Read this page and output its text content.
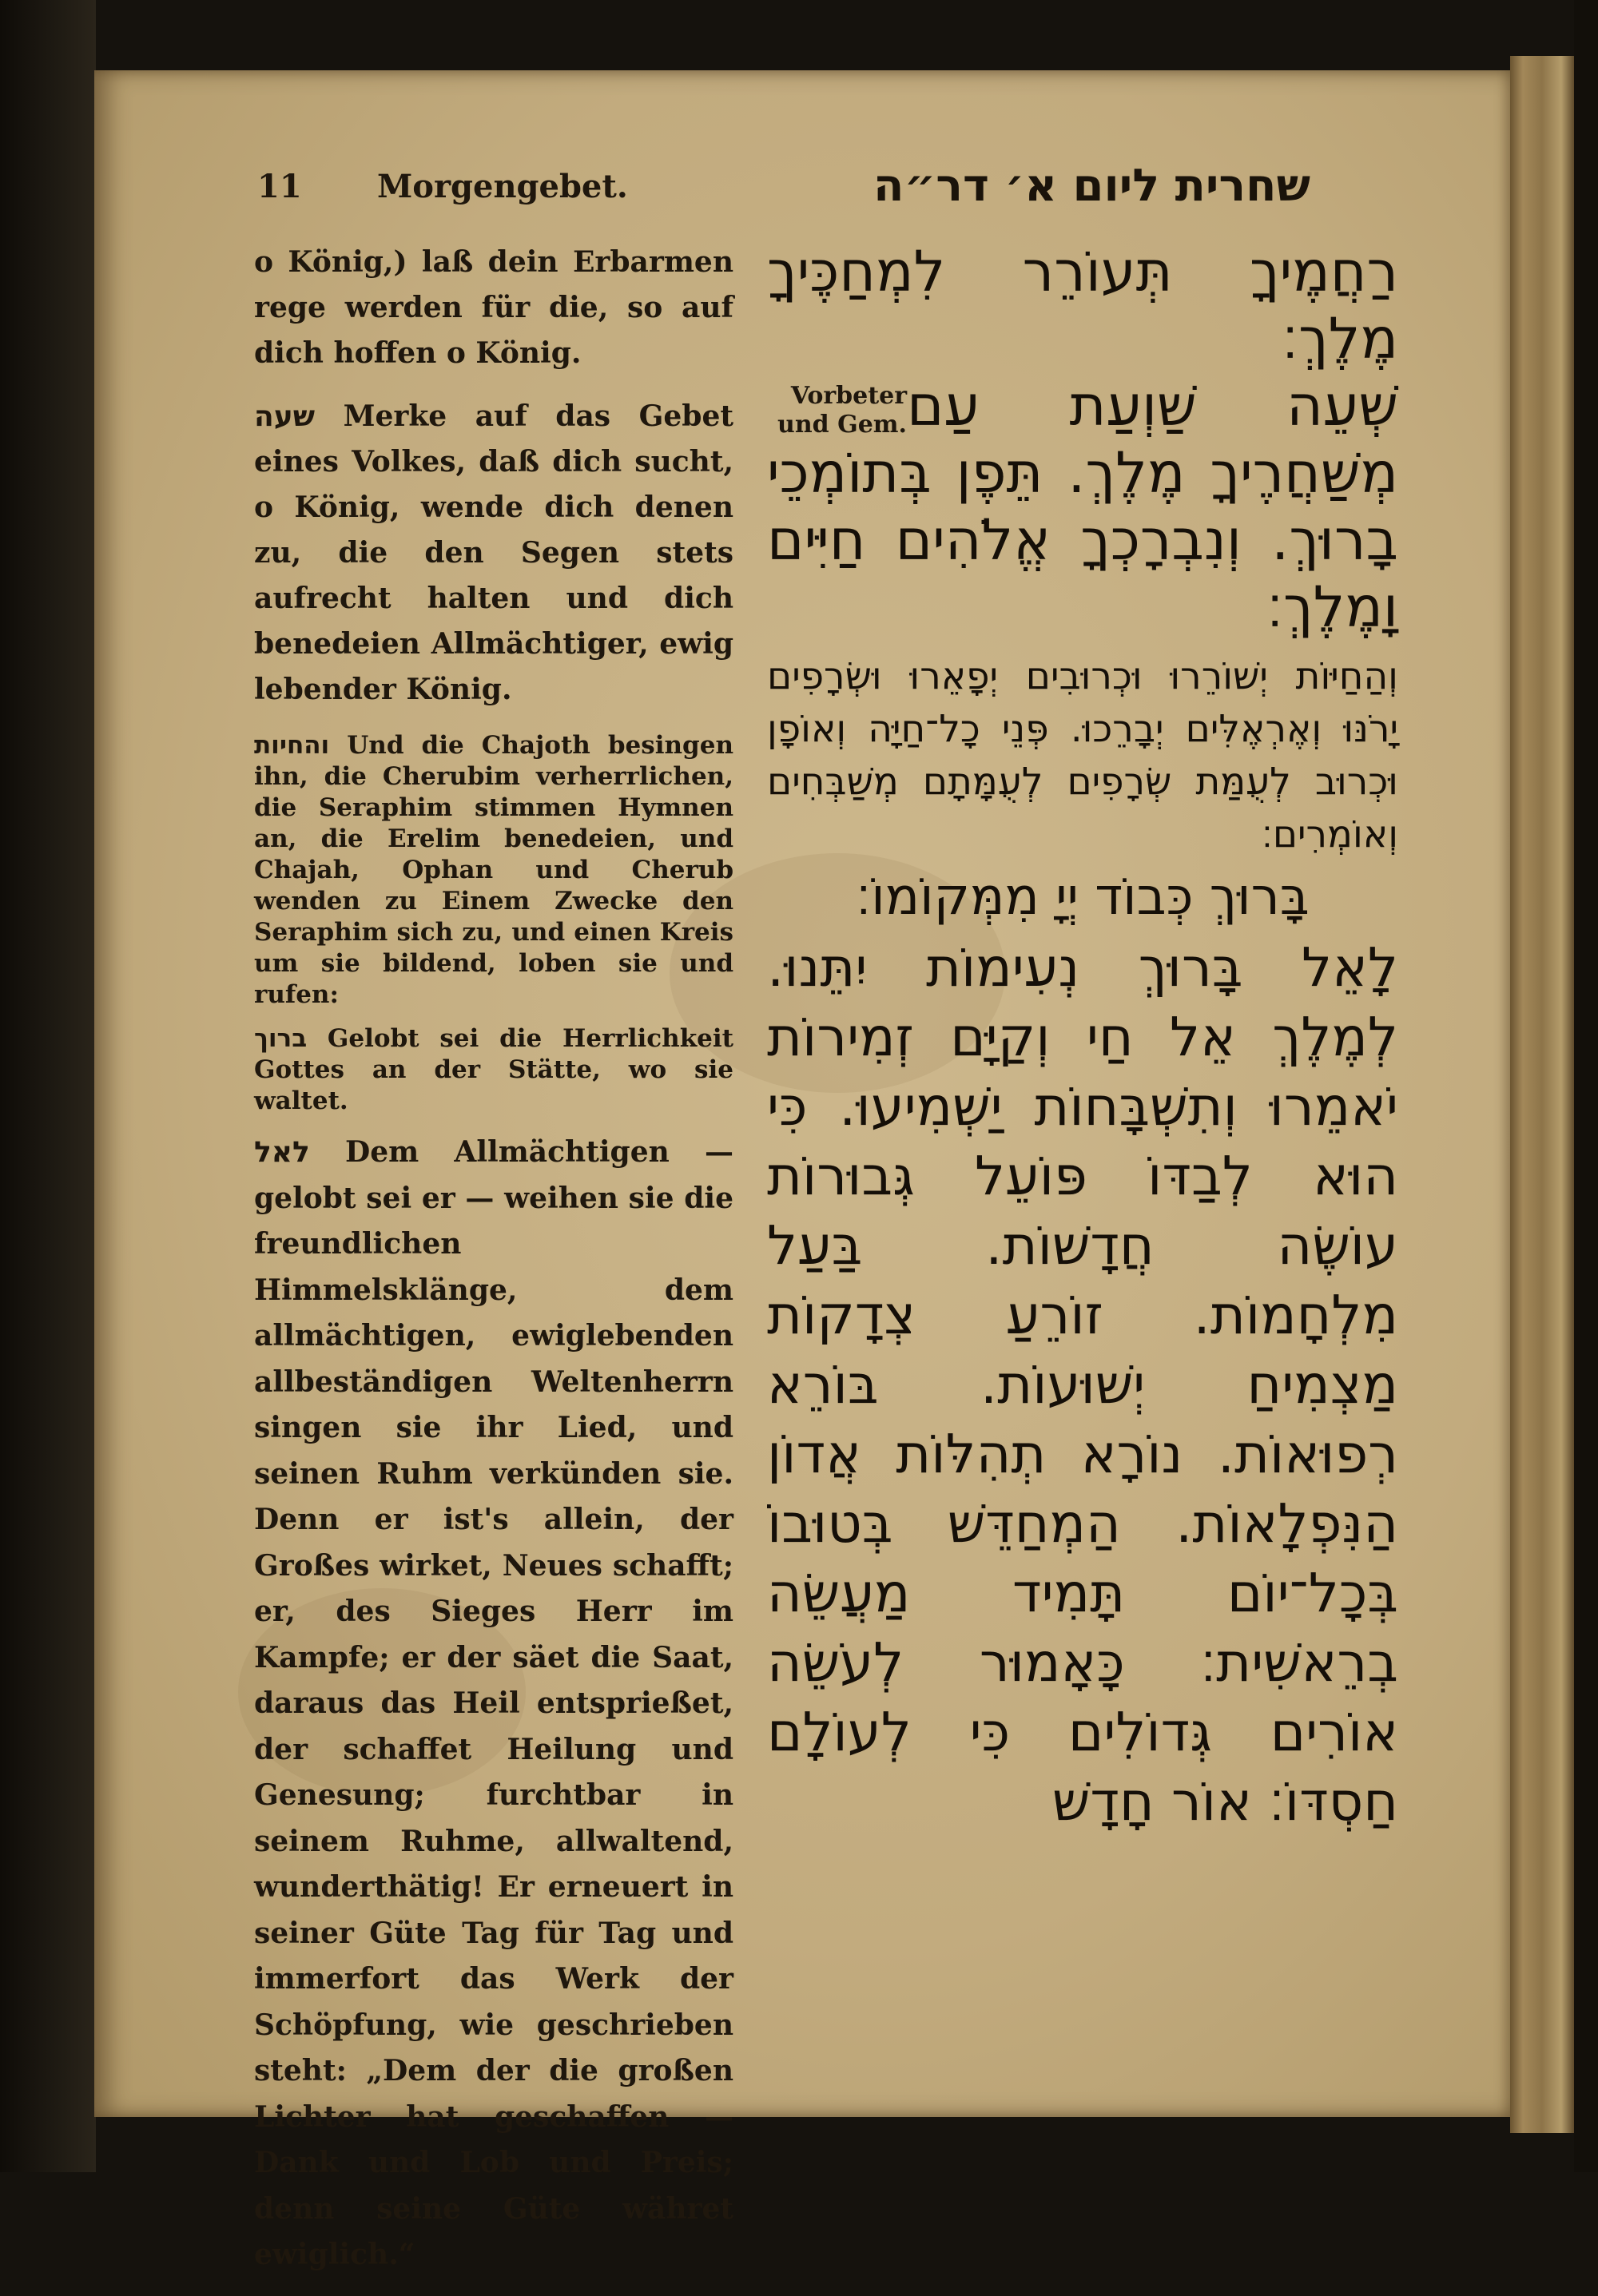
11 Morgengebet.	שחרית ליום א׳ דר״ה

o König,) laß dein Erbarmen rege werden für die, so auf dich hoffen o König.

שעה Merke auf das Gebet eines Volkes, daß dich sucht, o König, wende dich denen zu, die den Segen stets aufrecht halten und dich benedeien Allmächtiger, ewig lebender König.

והחיות Und die Chajoth besingen ihn, die Cherubim verherrlichen, die Seraphim stimmen Hymnen an, die Erelim benedeien, und Chajah, Ophan und Cherub wenden zu Einem Zwecke den Seraphim sich zu, und einen Kreis um sie bildend, loben sie und rufen:

ברוך Gelobt sei die Herrlichkeit Gottes an der Stätte, wo sie waltet.

לאל Dem Allmächtigen — gelobt sei er — weihen sie die freundlichen Himmelsklänge, dem allmächtigen, ewiglebenden allbeständigen Weltenherrn singen sie ihr Lied, und seinen Ruhm verkünden sie. Denn er ist's allein, der Großes wirket, Neues schafft; er, des Sieges Herr im Kampfe; er der säet die Saat, daraus das Heil entsprießet, der schaffet Heilung und Genesung; furchtbar in seinem Ruhme, allwaltend, wunderthätig! Er erneuert in seiner Güte Tag für Tag und immerfort das Werk der Schöpfung, wie geschrieben steht: „Dem der die großen Lichter hat geschaffen — Dank und Lob und Preis; denn seine Güte währet ewiglich.“

רַחֲמֶיךָ תְּעוֹרֵר לִמְחַכֶּיךָ מֶלֶךְ׃

Vorbeter
und Gem. שְׁעֵה שַׁוְעַת עַם מְשַׁחֲרֶיךָ מֶלֶךְ. תֵּפֶן בְּתוֹמְכֵי בָרוּךְ. וְנִבְרָכְךָ אֱלֹהִים חַיִּים וָמֶלֶךְ׃

וְהַחַיּוֹת יְשׁוֹרֵרוּ וּכְרוּבִים יְפָאֵרוּ וּשְׂרָפִים יָרֹנּוּ וְאֶרְאֶלִּים יְבָרֵכוּ. פְּנֵי כָל־חַיָּה וְאוֹפָן וּכְרוּב לְעֻמַּת שְׂרָפִים לְעֻמָּתָם מְשַׁבְּחִים וְאוֹמְרִים׃

בָּרוּךְ כְּבוֹד יְיָ מִמְּקוֹמוֹ׃

לָאֵל בָּרוּךְ נְעִימוֹת יִתֵּנוּ. לְמֶלֶךְ אֵל חַי וְקַיָּם זְמִירוֹת יֹאמֵרוּ וְתִשְׁבָּחוֹת יַשְׁמִיעוּ. כִּי הוּא לְבַדּוֹ פּוֹעֵל גְּבוּרוֹת עוֹשֶׂה חֲדָשׁוֹת. בַּעַל מִלְחָמוֹת. זוֹרֵעַ צְדָקוֹת מַצְמִיחַ יְשׁוּעוֹת. בּוֹרֵא רְפוּאוֹת. נוֹרָא תְהִלּוֹת אֲדוֹן הַנִּפְלָאוֹת. הַמְחַדֵּשׁ בְּטוּבוֹ בְּכָל־יוֹם תָּמִיד מַעֲשֵׂה בְרֵאשִׁית׃ כָּאָמוּר לְעֹשֵׂה אוֹרִים גְּדוֹלִים כִּי לְעוֹלָם חַסְדּוֹ׃ אוֹר חָדָשׁ
